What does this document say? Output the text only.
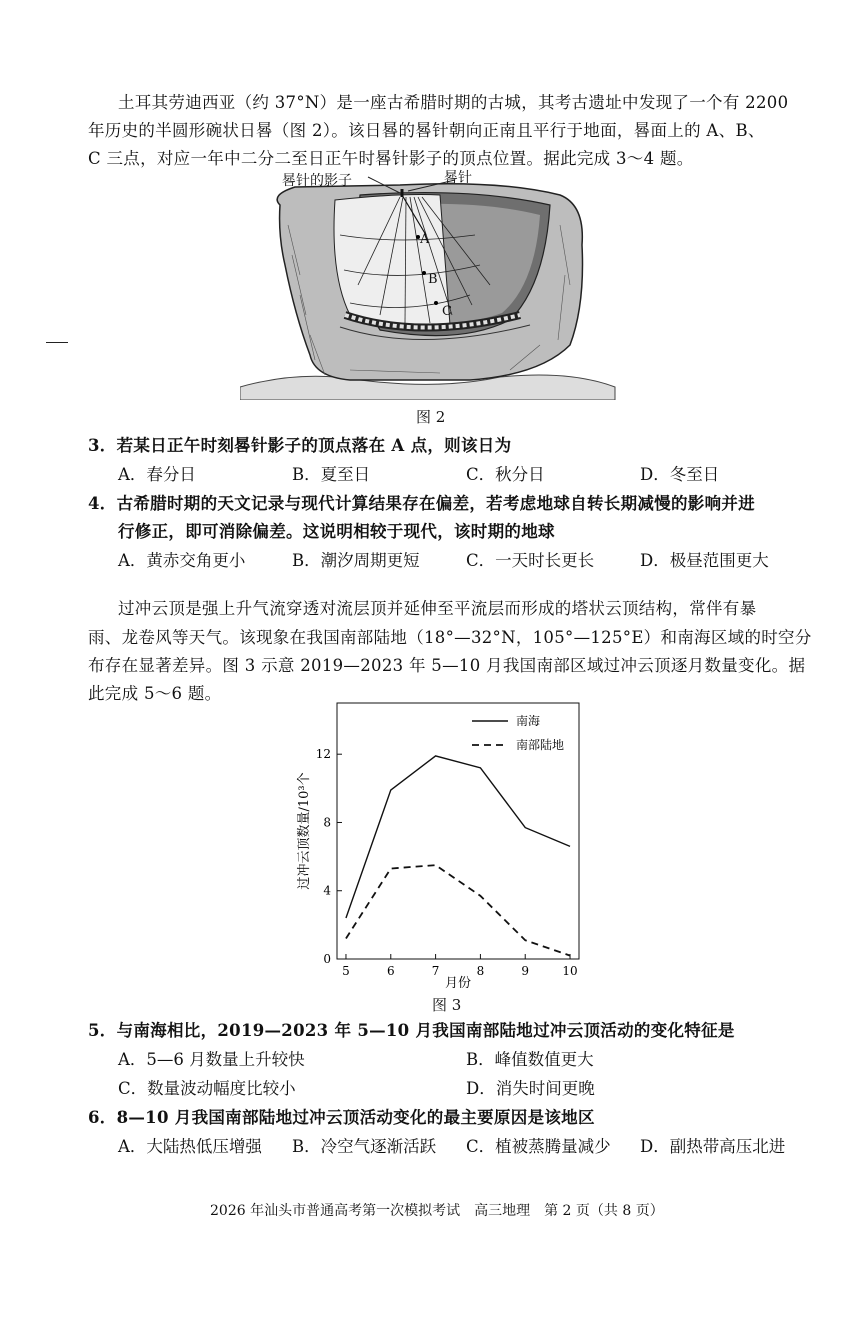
土耳其劳迪西亚（约 37°N）是一座古希腊时期的古城，其考古遗址中发现了一个有 2200
年历史的半圆形碗状日晷（图 2）。该日晷的晷针朝向正南且平行于地面，晷面上的 A、B、
C 三点，对应一年中二分二至日正午时晷针影子的顶点位置。据此完成 3～4 题。
晷针的影子	晷针
A
B
C
图 2
3．若某日正午时刻晷针影子的顶点落在 A 点，则该日为
A．春分日	B．夏至日	C．秋分日	D．冬至日
4．古希腊时期的天文记录与现代计算结果存在偏差，若考虑地球自转长期减慢的影响并进
行修正，即可消除偏差。这说明相较于现代，该时期的地球
A．黄赤交角更小	B．潮汐周期更短	C．一天时长更长	D．极昼范围更大
过冲云顶是强上升气流穿透对流层顶并延伸至平流层而形成的塔状云顶结构，常伴有暴
雨、龙卷风等天气。该现象在我国南部陆地（18°—32°N，105°—125°E）和南海区域的时空分
布存在显著差异。图 3 示意 2019—2023 年 5—10 月我国南部区域过冲云顶逐月数量变化。据
此完成 5～6 题。
0
4
8
12
5	6	7	8	9	10
南海
南部陆地
过冲云顶数量/10³个
月份
图 3
5．与南海相比，2019—2023 年 5—10 月我国南部陆地过冲云顶活动的变化特征是
A．5—6 月数量上升较快	B．峰值数值更大
C．数量波动幅度比较小	D．消失时间更晚
6．8—10 月我国南部陆地过冲云顶活动变化的最主要原因是该地区
A．大陆热低压增强 B．冷空气逐渐活跃 C．植被蒸腾量减少 D．副热带高压北进
2026 年汕头市普通高考第一次模拟考试　高三地理　第 2 页（共 8 页）
